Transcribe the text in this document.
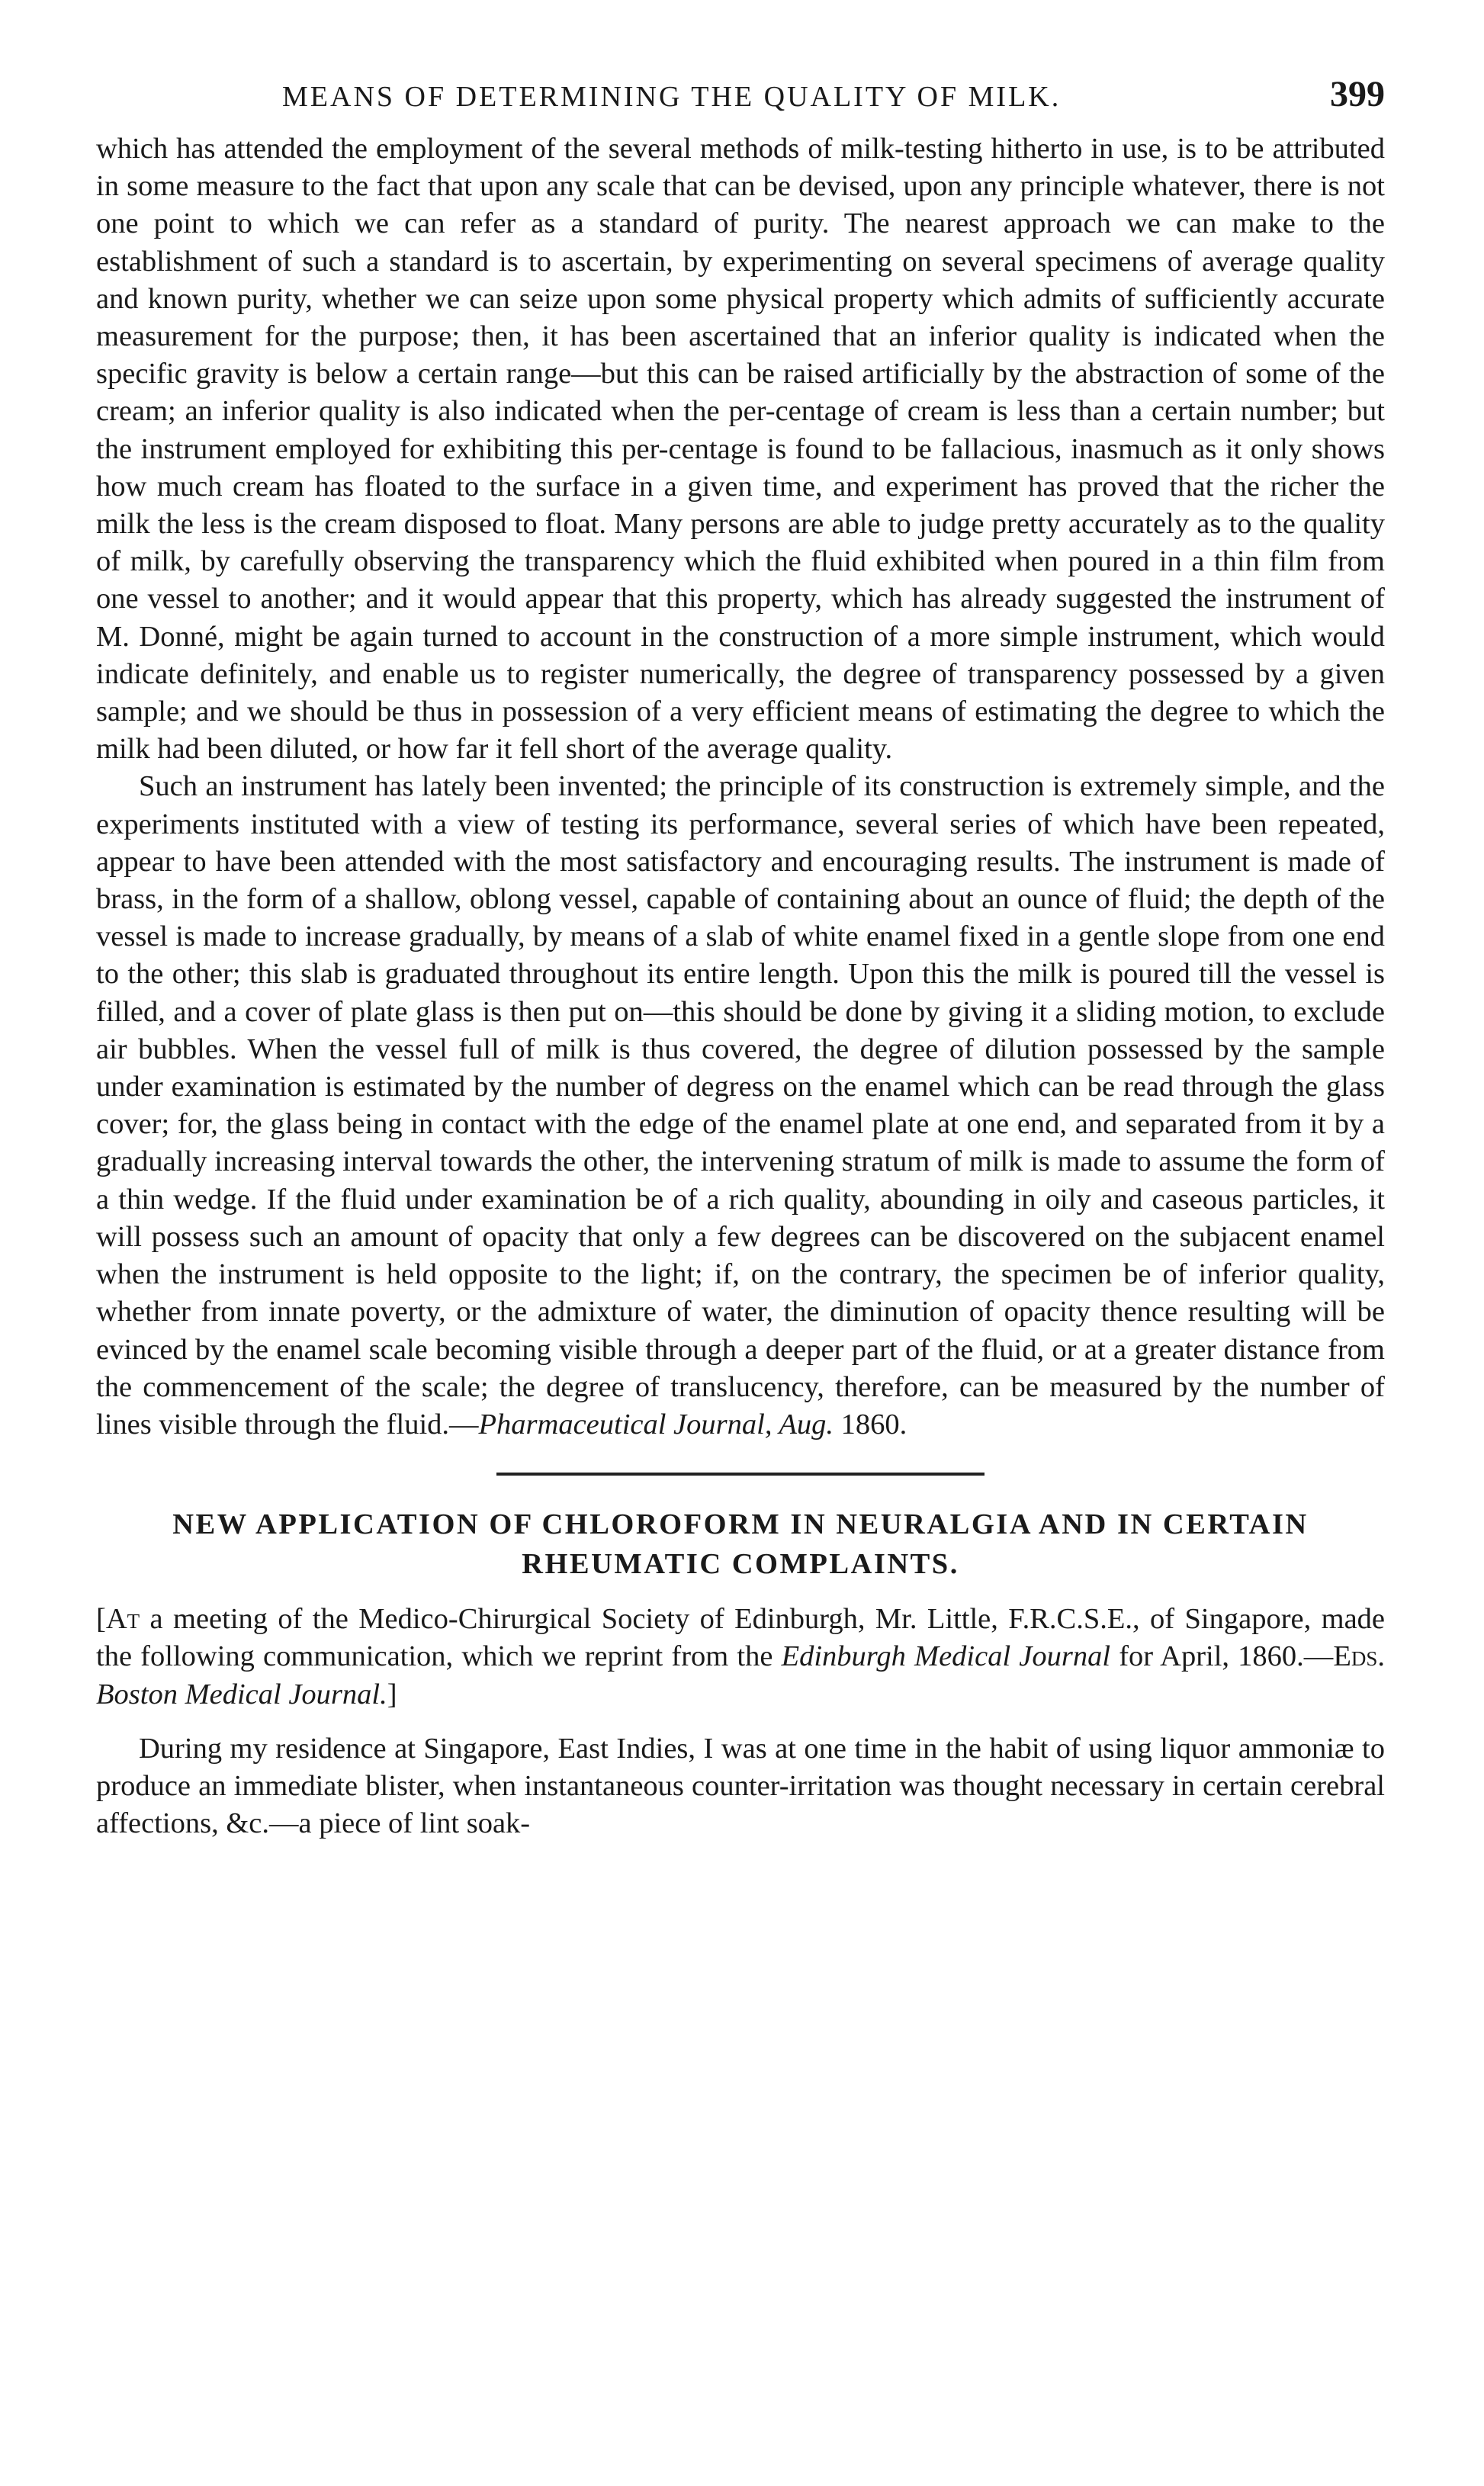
MEANS OF DETERMINING THE QUALITY OF MILK.	399

which has attended the employment of the several methods of milk-testing hitherto in use, is to be attributed in some measure to the fact that upon any scale that can be devised, upon any principle whatever, there is not one point to which we can refer as a standard of purity. The nearest approach we can make to the establishment of such a standard is to ascertain, by experimenting on several specimens of average quality and known purity, whether we can seize upon some physical property which admits of sufficiently accurate measurement for the purpose; then, it has been ascertained that an inferior quality is indicated when the specific gravity is below a certain range—but this can be raised artificially by the abstraction of some of the cream; an inferior quality is also indicated when the per-centage of cream is less than a certain number; but the instrument employed for exhibiting this per-centage is found to be fallacious, inasmuch as it only shows how much cream has floated to the surface in a given time, and experiment has proved that the richer the milk the less is the cream disposed to float. Many persons are able to judge pretty accurately as to the quality of milk, by carefully observing the transparency which the fluid exhibited when poured in a thin film from one vessel to another; and it would appear that this property, which has already suggested the instrument of M. Donné, might be again turned to account in the construction of a more simple instrument, which would indicate definitely, and enable us to register numerically, the degree of transparency possessed by a given sample; and we should be thus in possession of a very efficient means of estimating the degree to which the milk had been diluted, or how far it fell short of the average quality.

Such an instrument has lately been invented; the principle of its construction is extremely simple, and the experiments instituted with a view of testing its performance, several series of which have been repeated, appear to have been attended with the most satisfactory and encouraging results. The instrument is made of brass, in the form of a shallow, oblong vessel, capable of containing about an ounce of fluid; the depth of the vessel is made to increase gradually, by means of a slab of white enamel fixed in a gentle slope from one end to the other; this slab is graduated throughout its entire length. Upon this the milk is poured till the vessel is filled, and a cover of plate glass is then put on—this should be done by giving it a sliding motion, to exclude air bubbles. When the vessel full of milk is thus covered, the degree of dilution possessed by the sample under examination is estimated by the number of degress on the enamel which can be read through the glass cover; for, the glass being in contact with the edge of the enamel plate at one end, and separated from it by a gradually increasing interval towards the other, the intervening stratum of milk is made to assume the form of a thin wedge. If the fluid under examination be of a rich quality, abounding in oily and caseous particles, it will possess such an amount of opacity that only a few degrees can be discovered on the subjacent enamel when the instrument is held opposite to the light; if, on the contrary, the specimen be of inferior quality, whether from innate poverty, or the admixture of water, the diminution of opacity thence resulting will be evinced by the enamel scale becoming visible through a deeper part of the fluid, or at a greater distance from the commencement of the scale; the degree of translucency, therefore, can be measured by the number of lines visible through the fluid.—Pharmaceutical Journal, Aug. 1860.

NEW APPLICATION OF CHLOROFORM IN NEURALGIA AND IN CERTAIN RHEUMATIC COMPLAINTS.

[At a meeting of the Medico-Chirurgical Society of Edinburgh, Mr. Little, F.R.C.S.E., of Singapore, made the following communication, which we reprint from the Edinburgh Medical Journal for April, 1860.—Eds. Boston Medical Journal.]

During my residence at Singapore, East Indies, I was at one time in the habit of using liquor ammoniæ to produce an immediate blister, when instantaneous counter-irritation was thought necessary in certain cerebral affections, &c.—a piece of lint soak-
